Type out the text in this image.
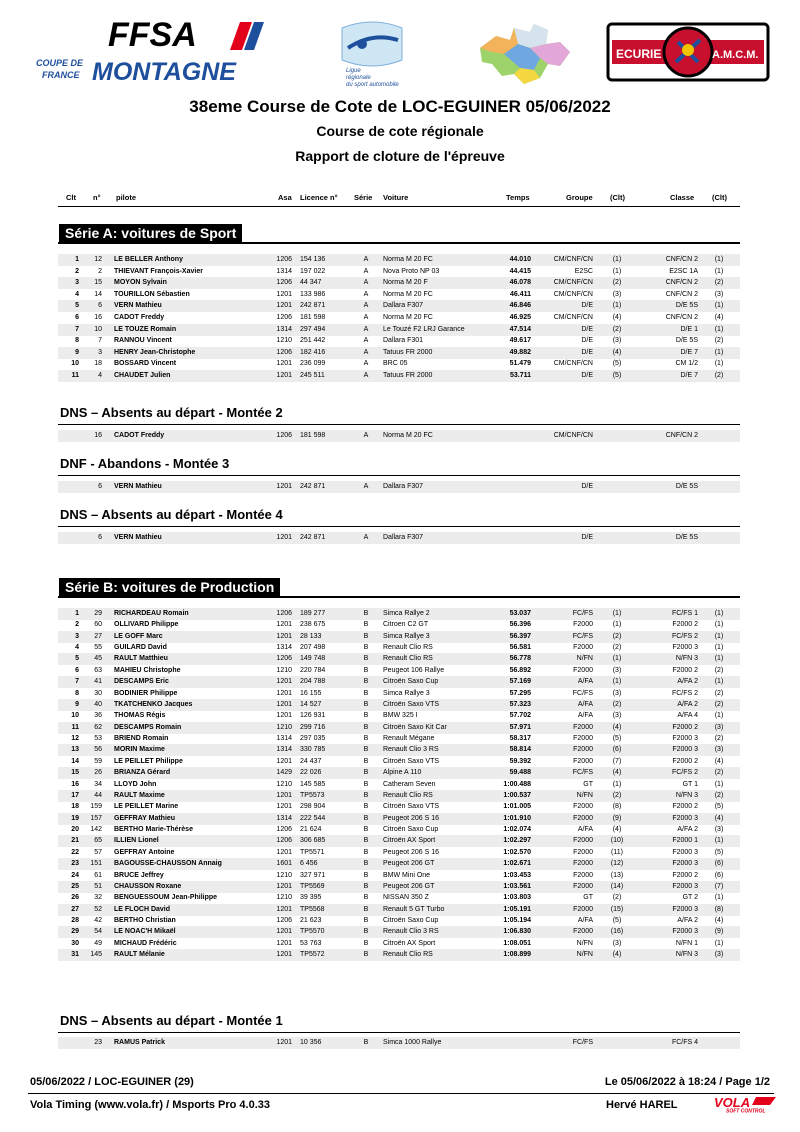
FFSA
COUPE DE
FRANCE MONTAGNE	Ligue
régionale
du sport automobile
ECURIE	A.M.C.M.
38eme Course de Cote de LOC-EGUINER 05/06/2022
Course de cote régionale
Rapport de cloture de l'épreuve
Clt n° pilote	Asa Licence n° Série Voiture	Temps	Groupe (Clt)	Classe (Clt)
Série A: voitures de Sport
1	12 LE BELLER Anthony	1206 154 136	A	Norma M 20 FC	44.010	CM/CNF/CN	(1)	CNF/CN 2	(1)
2	2 THIEVANT François-Xavier	1314 197 022	A	Nova Proto NP 03	44.415	E2SC	(1)	E2SC 1A	(1)
3	15 MOYON Sylvain	1206 44 347	A	Norma M 20 F	46.078	CM/CNF/CN	(2)	CNF/CN 2	(2)
4	14 TOURILLON Sébastien	1201 133 986	A	Norma M 20 FC	46.411	CM/CNF/CN	(3)	CNF/CN 2	(3)
5	6 VERN Mathieu	1201 242 871	A	Dallara F307	46.846	D/E	(1)	D/E 5S	(1)
6	16 CADOT Freddy	1206 181 598	A	Norma M 20 FC	46.925	CM/CNF/CN	(4)	CNF/CN 2	(4)
7	10 LE TOUZE Romain	1314 297 494	A	Le Touzé F2 LRJ Garance	47.514	D/E	(2)	D/E 1	(1)
8	7 RANNOU Vincent	1210 251 442	A	Dallara F301	49.617	D/E	(3)	D/E 5S	(2)
9	3 HENRY Jean-Christophe	1206 182 416	A	Tatuus FR 2000	49.882	D/E	(4)	D/E 7	(1)
10	18 BOSSARD Vincent	1201 236 099	A	BRC 05	51.479	CM/CNF/CN	(5)	CM 1/2	(1)
11	4 CHAUDET Julien	1201 245 511	A	Tatuus FR 2000	53.711	D/E	(5)	D/E 7	(2)
DNS – Absents au départ - Montée 2
16 CADOT Freddy	1206 181 598	A	Norma M 20 FC	CM/CNF/CN	CNF/CN 2
DNF - Abandons - Montée 3
6 VERN Mathieu	1201 242 871	A	Dallara F307	D/E	D/E 5S
DNS – Absents au départ - Montée 4
6 VERN Mathieu	1201 242 871	A	Dallara F307	D/E	D/E 5S
Série B: voitures de Production
1	29 RICHARDEAU Romain	1206 189 277	B	Simca Rallye 2	53.037	FC/FS	(1)	FC/FS 1	(1)
2	60 OLLIVARD Philippe	1201 238 675	B	Citroen C2 GT	56.396	F2000	(1)	F2000 2	(1)
3	27 LE GOFF Marc	1201 28 133	B	Simca Rallye 3	56.397	FC/FS	(2)	FC/FS 2	(1)
4	55 GUILARD David	1314 207 498	B	Renault Clio RS	56.581	F2000	(2)	F2000 3	(1)
5	45 RAULT Matthieu	1206 149 748	B	Renault Clio RS	56.778	N/FN	(1)	N/FN 3	(1)
6	63 MAHIEU Christophe	1210 220 784	B	Peugeot 106 Rallye	56.892	F2000	(3)	F2000 2	(2)
7	41 DESCAMPS Eric	1201 204 788	B	Citroën Saxo Cup	57.169	A/FA	(1)	A/FA 2	(1)
8	30 BODINIER Philippe	1201 16 155	B	Simca Rallye 3	57.295	FC/FS	(3)	FC/FS 2	(2)
9	40 TKATCHENKO Jacques	1201 14 527	B	Citroën Saxo VTS	57.323	A/FA	(2)	A/FA 2	(2)
10	36 THOMAS Régis	1201 126 931	B	BMW 325 I	57.702	A/FA	(3)	A/FA 4	(1)
11	62 DESCAMPS Romain	1210 299 716	B	Citroën Saxo Kit Car	57.971	F2000	(4)	F2000 2	(3)
12	53 BRIEND Romain	1314 297 035	B	Renault Mégane	58.317	F2000	(5)	F2000 3	(2)
13	56 MORIN Maxime	1314 330 785	B	Renault Clio 3 RS	58.814	F2000	(6)	F2000 3	(3)
14	59 LE PEILLET Philippe	1201 24 437	B	Citroën Saxo VTS	59.392	F2000	(7)	F2000 2	(4)
15	26 BRIANZA Gérard	1429 22 026	B	Alpine A 110	59.488	FC/FS	(4)	FC/FS 2	(2)
16	34 LLOYD John	1210 145 585	B	Catheram Seven	1:00.488	GT	(1)	GT 1	(1)
17	44 RAULT Maxime	1201 TP5573	B	Renault Clio RS	1:00.537	N/FN	(2)	N/FN 3	(2)
18	159 LE PEILLET Marine	1201 298 904	B	Citroën Saxo VTS	1:01.005	F2000	(8)	F2000 2	(5)
19	157 GEFFRAY Mathieu	1314 222 544	B	Peugeot 206 S 16	1:01.910	F2000	(9)	F2000 3	(4)
20	142 BERTHO Marie-Thérèse	1206 21 624	B	Citroën Saxo Cup	1:02.074	A/FA	(4)	A/FA 2	(3)
21	65 ILLIEN Lionel	1206 306 685	B	Citroën AX Sport	1:02.297	F2000	(10)	F2000 1	(1)
22	57 GEFFRAY Antoine	1201 TP5571	B	Peugeot 206 S 16	1:02.570	F2000	(11)	F2000 3	(5)
23	151 BAGOUSSE-CHAUSSON Annaig	1601 6 456	B	Peugeot 206 GT	1:02.671	F2000	(12)	F2000 3	(6)
24	61 BRUCE Jeffrey	1210 327 971	B	BMW Mini One	1:03.453	F2000	(13)	F2000 2	(6)
25	51 CHAUSSON Roxane	1201 TP5569	B	Peugeot 206 GT	1:03.561	F2000	(14)	F2000 3	(7)
26	32 BENGUESSOUM Jean-Philippe	1210 39 395	B	NISSAN 350 Z	1:03.803	GT	(2)	GT 2	(1)
27	52 LE FLOCH David	1201 TP5568	B	Renault 5 GT Turbo	1:05.191	F2000	(15)	F2000 3	(8)
28	42 BERTHO Christian	1206 21 623	B	Citroën Saxo Cup	1:05.194	A/FA	(5)	A/FA 2	(4)
29	54 LE NOAC'H Mikaël	1201 TP5570	B	Renault Clio 3 RS	1:06.830	F2000	(16)	F2000 3	(9)
30	49 MICHAUD Frédéric	1201 53 763	B	Citroën AX Sport	1:08.051	N/FN	(3)	N/FN 1	(1)
31	145 RAULT Mélanie	1201 TP5572	B	Renault Clio RS	1:08.899	N/FN	(4)	N/FN 3	(3)
DNS – Absents au départ - Montée 1
23 RAMUS Patrick	1201 10 356	B	Simca 1000 Rallye	FC/FS	FC/FS 4
05/06/2022 / LOC-EGUINER (29)	Le 05/06/2022 à 18:24 / Page 1/2
Vola Timing (www.vola.fr) / Msports Pro 4.0.33	Hervé HAREL	VOLA
SOFT CONTROL
